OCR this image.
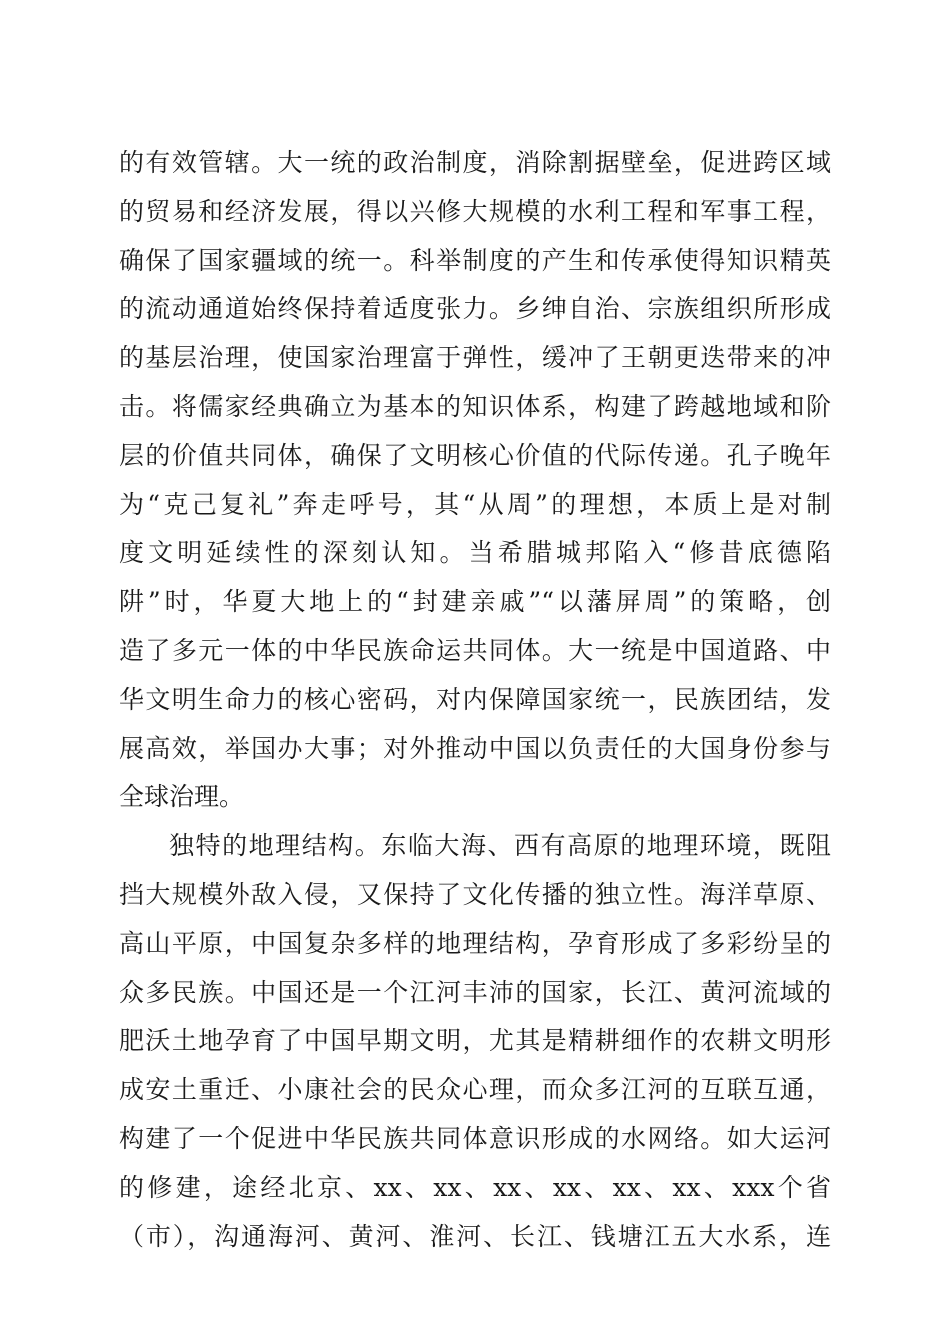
的有效管辖。大一统的政治制度，消除割据壁垒，促进跨区域
的贸易和经济发展，得以兴修大规模的水利工程和军事工程，
确保了国家疆域的统一。科举制度的产生和传承使得知识精英
的流动通道始终保持着适度张力。乡绅自治、宗族组织所形成
的基层治理，使国家治理富于弹性，缓冲了王朝更迭带来的冲
击。将儒家经典确立为基本的知识体系，构建了跨越地域和阶
层的价值共同体，确保了文明核心价值的代际传递。孔子晚年
为“克己复礼”奔走呼号，其“从周”的理想，本质上是对制
度文明延续性的深刻认知。当希腊城邦陷入“修昔底德陷
阱”时，华夏大地上的“封建亲戚”“以藩屏周”的策略，创
造了多元一体的中华民族命运共同体。大一统是中国道路、中
华文明生命力的核心密码，对内保障国家统一，民族团结，发
展高效，举国办大事；对外推动中国以负责任的大国身份参与
全球治理。
独特的地理结构。东临大海、西有高原的地理环境，既阻
挡大规模外敌入侵，又保持了文化传播的独立性。海洋草原、
高山平原，中国复杂多样的地理结构，孕育形成了多彩纷呈的
众多民族。中国还是一个江河丰沛的国家，长江、黄河流域的
肥沃土地孕育了中国早期文明，尤其是精耕细作的农耕文明形
成安土重迁、小康社会的民众心理，而众多江河的互联互通，
构建了一个促进中华民族共同体意识形成的水网络。如大运河
的修建，途经北京、xx、xx、xx、xx、xx、xx、xxx个省
（市），沟通海河、黄河、淮河、长江、钱塘江五大水系，连
